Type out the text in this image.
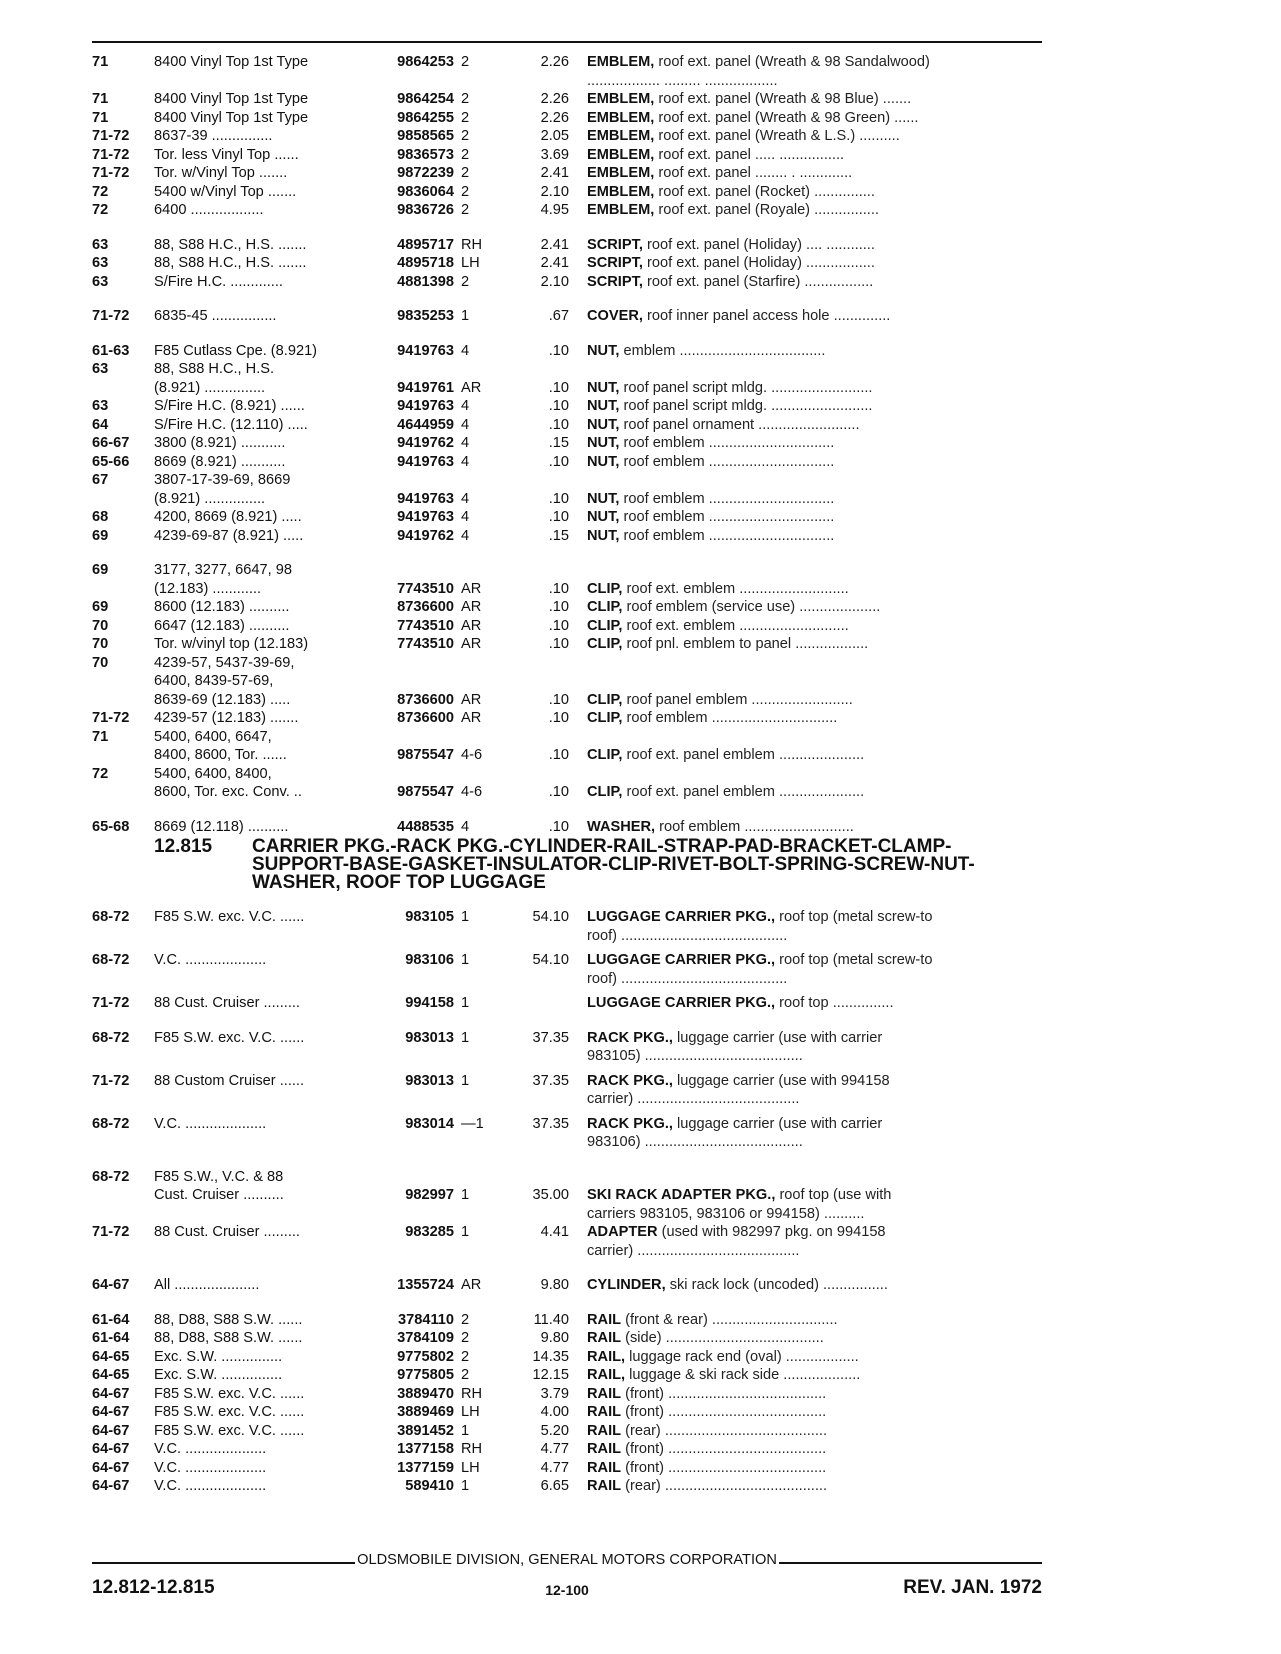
71	8400 Vinyl Top 1st Type	9864253 2	2.26 EMBLEM, roof ext. panel (Wreath & 98 Sandalwood)
.................. ......... ..................
71	8400 Vinyl Top 1st Type	9864254 2	2.26 EMBLEM, roof ext. panel (Wreath & 98 Blue) .......
71	8400 Vinyl Top 1st Type	9864255 2	2.26 EMBLEM, roof ext. panel (Wreath & 98 Green) ......
71-72	8637-39 ...............	9858565 2	2.05 EMBLEM, roof ext. panel (Wreath & L.S.) ..........
71-72	Tor. less Vinyl Top ......	9836573 2	3.69 EMBLEM, roof ext. panel ..... ................
71-72	Tor. w/Vinyl Top .......	9872239 2	2.41 EMBLEM, roof ext. panel ........ . .............
72	5400 w/Vinyl Top .......	9836064 2	2.10 EMBLEM, roof ext. panel (Rocket) ...............
72	6400 ..................	9836726 2	4.95 EMBLEM, roof ext. panel (Royale) ................
63	88, S88 H.C., H.S. .......	4895717 RH	2.41 SCRIPT, roof ext. panel (Holiday) .... ............
63	88, S88 H.C., H.S. .......	4895718 LH	2.41 SCRIPT, roof ext. panel (Holiday) .................
63	S/Fire H.C. .............	4881398 2	2.10 SCRIPT, roof ext. panel (Starfire) .................
71-72	6835-45 ................	9835253 1	.67 COVER, roof inner panel access hole ..............
61-63	F85 Cutlass Cpe. (8.921)	9419763 4	.10 NUT, emblem ....................................
63	88, S88 H.C., H.S.
(8.921) ...............	9419761 AR	.10 NUT, roof panel script mldg. .........................
63	S/Fire H.C. (8.921) ......	9419763 4	.10 NUT, roof panel script mldg. .........................
64	S/Fire H.C. (12.110) .....	4644959 4	.10 NUT, roof panel ornament .........................
66-67	3800 (8.921) ...........	9419762 4	.15 NUT, roof emblem ...............................
65-66	8669 (8.921) ...........	9419763 4	.10 NUT, roof emblem ...............................
67	3807-17-39-69, 8669
(8.921) ...............	9419763 4	.10 NUT, roof emblem ...............................
68	4200, 8669 (8.921) .....	9419763 4	.10 NUT, roof emblem ...............................
69	4239-69-87 (8.921) .....	9419762 4	.15 NUT, roof emblem ...............................
69	3177, 3277, 6647, 98
(12.183) ............	7743510 AR	.10 CLIP, roof ext. emblem ...........................
69	8600 (12.183) ..........	8736600 AR	.10 CLIP, roof emblem (service use) ....................
70	6647 (12.183) ..........	7743510 AR	.10 CLIP, roof ext. emblem ...........................
70	Tor. w/vinyl top (12.183)	7743510 AR	.10 CLIP, roof pnl. emblem to panel ..................
70	4239-57, 5437-39-69,
6400, 8439-57-69,
8639-69 (12.183) .....	8736600 AR	.10 CLIP, roof panel emblem .........................
71-72	4239-57 (12.183) .......	8736600 AR	.10 CLIP, roof emblem ...............................
71	5400, 6400, 6647,
8400, 8600, Tor. ......	9875547 4-6	.10 CLIP, roof ext. panel emblem .....................
72	5400, 6400, 8400,
8600, Tor. exc. Conv. ..	9875547 4-6	.10 CLIP, roof ext. panel emblem .....................
65-68	8669 (12.118) ..........	4488535 4	.10 WASHER, roof emblem ...........................
12.815 CARRIER PKG.-RACK PKG.-CYLINDER-RAIL-STRAP-PAD-BRACKET-CLAMP-SUPPORT-BASE-GASKET-INSULATOR-CLIP-RIVET-BOLT-SPRING-SCREW-NUT-WASHER, ROOF TOP LUGGAGE
68-72	F85 S.W. exc. V.C. ......	983105 1	54.10 LUGGAGE CARRIER PKG., roof top (metal screw-to
roof) .........................................
68-72	V.C. ....................	983106 1	54.10 LUGGAGE CARRIER PKG., roof top (metal screw-to
roof) .........................................
71-72	88 Cust. Cruiser .........	994158 1	LUGGAGE CARRIER PKG., roof top ...............
68-72	F85 S.W. exc. V.C. ......	983013 1	37.35 RACK PKG., luggage carrier (use with carrier
983105) .......................................
71-72	88 Custom Cruiser ......	983013 1	37.35 RACK PKG., luggage carrier (use with 994158
carrier) ........................................
68-72	V.C. ....................	983014 —1	37.35 RACK PKG., luggage carrier (use with carrier
983106) .......................................
68-72	F85 S.W., V.C. & 88
Cust. Cruiser ..........	982997 1	35.00 SKI RACK ADAPTER PKG., roof top (use with
carriers 983105, 983106 or 994158) ..........
71-72	88 Cust. Cruiser .........	983285 1	4.41 ADAPTER (used with 982997 pkg. on 994158
carrier) ........................................
64-67	All .....................	1355724 AR	9.80 CYLINDER, ski rack lock (uncoded) ................
61-64	88, D88, S88 S.W. ......	3784110 2	11.40 RAIL (front & rear) ...............................
61-64	88, D88, S88 S.W. ......	3784109 2	9.80 RAIL (side) .......................................
64-65	Exc. S.W. ...............	9775802 2	14.35 RAIL, luggage rack end (oval) ..................
64-65	Exc. S.W. ...............	9775805 2	12.15 RAIL, luggage & ski rack side ...................
64-67	F85 S.W. exc. V.C. ......	3889470 RH	3.79 RAIL (front) .......................................
64-67	F85 S.W. exc. V.C. ......	3889469 LH	4.00 RAIL (front) .......................................
64-67	F85 S.W. exc. V.C. ......	3891452 1	5.20 RAIL (rear) ........................................
64-67	V.C. ....................	1377158 RH	4.77 RAIL (front) .......................................
64-67	V.C. ....................	1377159 LH	4.77 RAIL (front) .......................................
64-67	V.C. ....................	589410 1	6.65 RAIL (rear) ........................................
OLDSMOBILE DIVISION, GENERAL MOTORS CORPORATION
12.812-12.815	12-100	REV. JAN. 1972
